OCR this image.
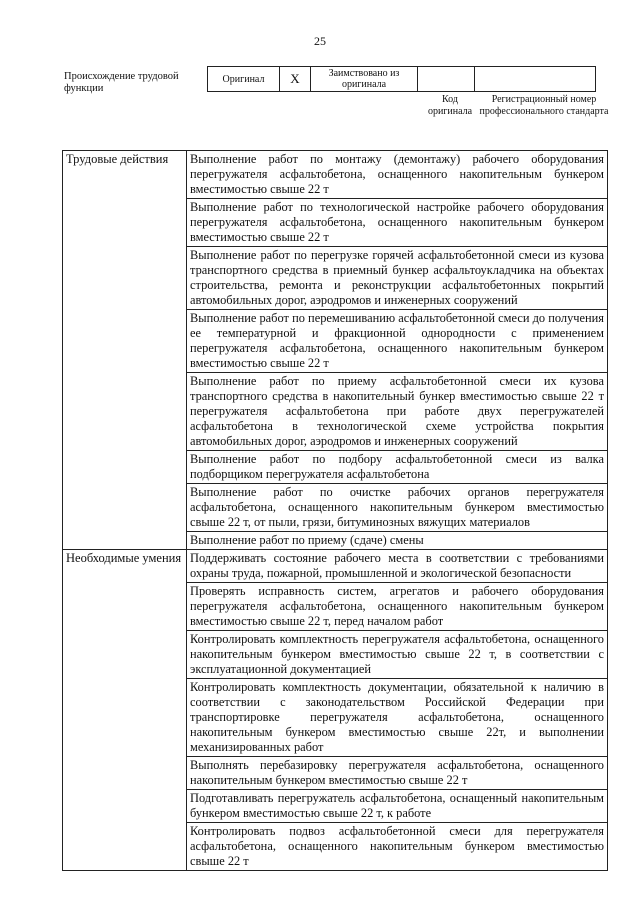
25
Происхождение трудовой функции
Оригинал	X	Заимствовано из оригинала		
Код оригинала
Регистрационный номер профессионального стандарта
Трудовые действия	Выполнение работ по монтажу (демонтажу) рабочего оборудования перегружателя асфальтобетона, оснащенного накопительным бункером вместимостью свыше 22 т
	Выполнение работ по технологической настройке рабочего оборудования перегружателя асфальтобетона, оснащенного накопительным бункером вместимостью свыше 22 т
	Выполнение работ по перегрузке горячей асфальтобетонной смеси из кузова транспортного средства в приемный бункер асфальтоукладчика на объектах строительства, ремонта и реконструкции асфальтобетонных покрытий автомобильных дорог, аэродромов и инженерных сооружений
	Выполнение работ по перемешиванию асфальтобетонной смеси до получения ее температурной и фракционной однородности с применением перегружателя асфальтобетона, оснащенного накопительным бункером вместимостью свыше 22 т
	Выполнение работ по приему асфальтобетонной смеси их кузова транспортного средства в накопительный бункер вместимостью свыше 22 т перегружателя асфальтобетона при работе двух перегружателей асфальтобетона в технологической схеме устройства покрытия автомобильных дорог, аэродромов и инженерных сооружений
	Выполнение работ по подбору асфальтобетонной смеси из валка подборщиком перегружателя асфальтобетона
	Выполнение работ по очистке рабочих органов перегружателя асфальтобетона, оснащенного накопительным бункером вместимостью свыше 22 т, от пыли, грязи, битуминозных вяжущих материалов
	Выполнение работ по приему (сдаче) смены

Необходимые умения	Поддерживать состояние рабочего места в соответствии с требованиями охраны труда, пожарной, промышленной и экологической безопасности
	Проверять исправность систем, агрегатов и рабочего оборудования перегружателя асфальтобетона, оснащенного накопительным бункером вместимостью свыше 22 т, перед началом работ
	Контролировать комплектность перегружателя асфальтобетона, оснащенного накопительным бункером вместимостью свыше 22 т, в соответствии с эксплуатационной документацией
	Контролировать комплектность документации, обязательной к наличию в соответствии с законодательством Российской Федерации при транспортировке перегружателя асфальтобетона, оснащенного накопительным бункером вместимостью свыше 22т, и выполнении механизированных работ
	Выполнять перебазировку перегружателя асфальтобетона, оснащенного накопительным бункером вместимостью свыше 22 т
	Подготавливать перегружатель асфальтобетона, оснащенный накопительным бункером вместимостью свыше 22 т, к работе
	Контролировать подвоз асфальтобетонной смеси для перегружателя асфальтобетона, оснащенного накопительным бункером вместимостью свыше 22 т
